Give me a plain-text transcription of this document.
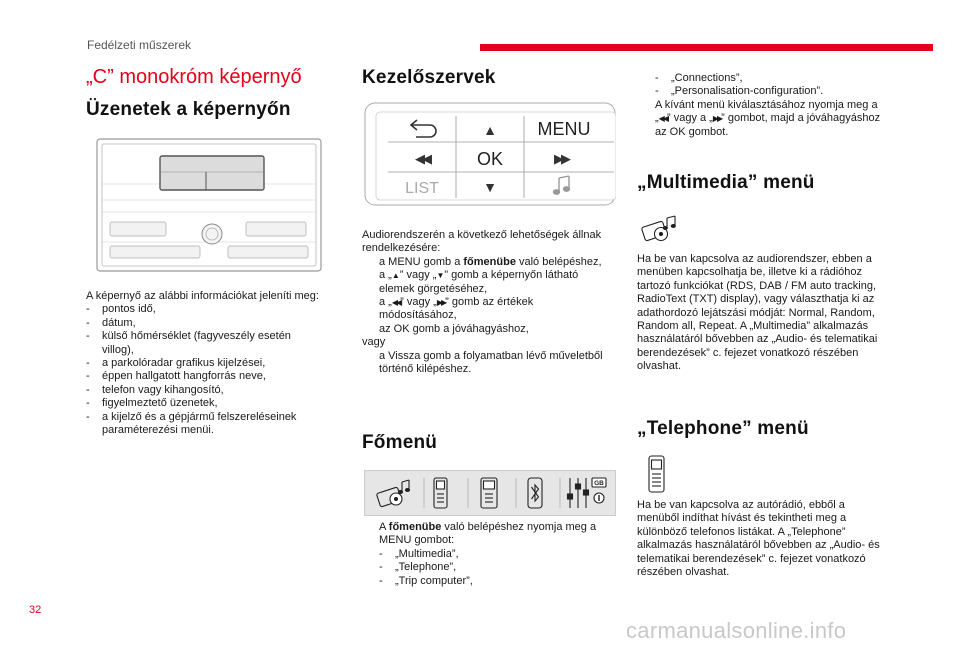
Fedélzeti műszerek
„C” monokróm képernyő
Üzenetek a képernyőn
A képernyő az alábbi információkat jeleníti meg:
- pontos idő,
- dátum,
- külső hőmérséklet (fagyveszély esetén villog),
- a parkolóradar grafikus kijelzései,
- éppen hallgatott hangforrás neve,
- telefon vagy kihangosító,
- figyelmeztető üzenetek,
- a kijelző és a gépjármű felszereléseinek paraméterezési menüi.
Kezelőszervek
▲ MENU
◀◀	OK	▶▶
LIST	▼
Audiorendszerén a következő lehetőségek állnak rendelkezésére:
a MENU gomb a főmenübe való belépéshez,
a „▲” vagy „▼” gomb a képernyőn látható elemek görgetéséhez,
a „◀◀” vagy „▶▶” gomb az értékek módosításához,
az OK gomb a jóváhagyáshoz,
vagy
a Vissza gomb a folyamatban lévő műveletből történő kilépéshez.
Főmenü
GB
A főmenübe való belépéshez nyomja meg a MENU gombot:
- „Multimedia”,
- „Telephone”,
- „Trip computer”,
- „Connections”,
- „Personalisation-configuration”.
A kívánt menü kiválasztásához nyomja meg a „◀◀” vagy a „▶▶” gombot, majd a jóváhagyáshoz az OK gombot.
„Multimedia” menü
Ha be van kapcsolva az audiorendszer, ebben a menüben kapcsolhatja be, illetve ki a rádióhoz tartozó funkciókat (RDS, DAB / FM auto tracking, RadioText (TXT) display), vagy választhatja ki az adathordozó lejátszási módját: Normal, Random, Random all, Repeat. A „Multimedia” alkalmazás használatáról bővebben az „Audio- és telematikai berendezések” c. fejezet vonatkozó részében olvashat.
„Telephone” menü
Ha be van kapcsolva az autórádió, ebből a menüből indíthat hívást és tekintheti meg a különböző telefonos listákat. A „Telephone” alkalmazás használatáról bővebben az „Audio- és telematikai berendezések” c. fejezet vonatkozó részében olvashat.
32
carmanualsonline.info
